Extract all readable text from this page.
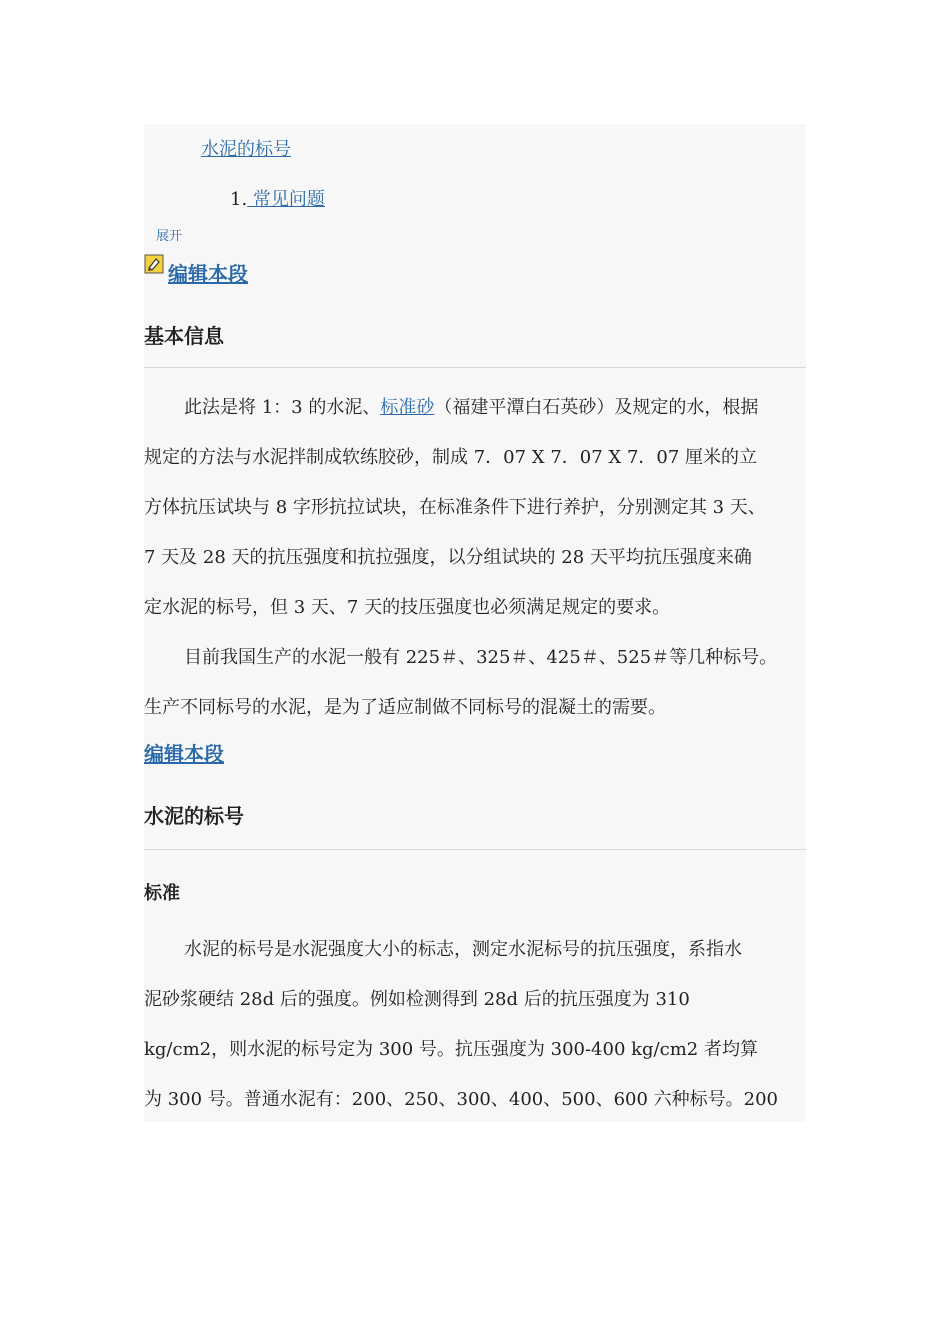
水泥的标号
1. 常见问题
展开
编辑本段
基本信息
此法是将 1：3 的水泥、标准砂（福建平潭白石英砂）及规定的水，根据
规定的方法与水泥拌制成软练胶砂，制成 7．07 X 7．07 X 7．07 厘米的立
方体抗压试块与 8 字形抗拉试块，在标准条件下进行养护，分别测定其 3 天、
7 天及 28 天的抗压强度和抗拉强度，以分组试块的 28 天平均抗压强度来确
定水泥的标号，但 3 天、7 天的技压强度也必须满足规定的要求。
目前我国生产的水泥一般有 225＃、325＃、425＃、525＃等几种标号。
生产不同标号的水泥，是为了适应制做不同标号的混凝土的需要。
编辑本段
水泥的标号
标准
水泥的标号是水泥强度大小的标志，测定水泥标号的抗压强度，系指水
泥砂浆硬结 28d 后的强度。例如检测得到 28d 后的抗压强度为 310
kg/cm2，则水泥的标号定为 300 号。抗压强度为 300-400 kg/cm2 者均算
为 300 号。普通水泥有：200、250、300、400、500、600 六种标号。200
